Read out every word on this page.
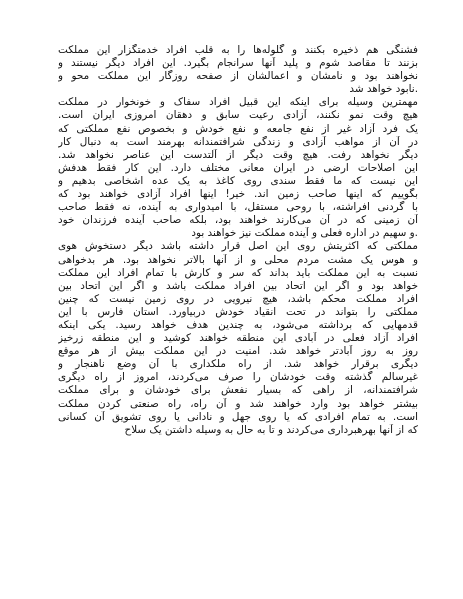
فشنگی هم ذخیره بکنند و گلوله‌ها را به قلب افراد خدمتگزار این مملکت
بزنند تا مقاصد شوم و پلید آنها سرانجام بگیرد. این افراد دیگر نیستند و
نخواهند بود و نامشان و اعمالشان از صفحه روزگار این مملکت محو و
.نابود خواهد شد
مهمترین وسیله برای اینکه این قبیل افراد سفاک و خونخوار در مملکت
هیچ وقت نمو نکنند، آزادی رعیت سابق و دهقان امروزی ایران است.
یک فرد آزاد غیر از نفع جامعه و نفع خودش و بخصوص نفع مملکتی که
در آن از مواهب آزادی و زندگی شرافتمندانه بهرمند است به دنبال کار
دیگر نخواهد رفت. هیچ وقت دیگر از آلتدست این عناصر نخواهد شد.
این اصلاحات ارضی در ایران معانی مختلف دارد. این کار فقط هدفش
این نیست که ما فقط سندی روی کاغذ به یک عده اشخاصی بدهیم و
بگوییم که اینها صاحب زمین اند. خیر! اینها افراد آزادی خواهند بود که
با گردنی افراشته، با روحی مستقل، با امیدواری به آینده، نه فقط صاحب
آن زمینی که در آن می‌کارند خواهند بود، بلکه صاحب آینده فرزندان خود
.و سهیم در اداره فعلی و آینده مملکت نیز خواهند بود
مملکتی که اکثریتش روی این اصل قرار داشته باشد دیگر دستخوش هوی
و هوس یک مشت مردم محلی و از آنها بالاتر نخواهد بود. هر بدخواهی
نسبت به این مملکت باید بداند که سر و کارش با تمام افراد این مملکت
خواهد بود و اگر این اتحاد بین افراد مملکت باشد و اگر این اتحاد بین
افراد مملکت محکم باشد، هیچ نیرویی در روی زمین نیست که چنین
مملکتی را بتواند در تحت انقیاد خودش دربیاورد. استان فارس با این
قدمهایی که برداشته می‌شود، به چندین هدف خواهد رسید. یکی اینکه
افراد آزاد فعلی در آبادی این منطقه خواهند کوشید و این منطقه زرخیز
روز به روز آبادتر خواهد شد. امنیت در این مملکت بیش از هر موقع
دیگری برقرار خواهد شد. از راه ملکداری با آن وضع ناهنجار و
غیرسالم گذشته وقت خودشان را صرف می‌کردند، امروز از راه دیگری
شرافتمندانه، از راهی که بسیار نفعش برای خودشان و برای مملکت
بیشتر خواهد بود وارد خواهند شد و آن راه، راه صنعتی کردن مملکت
است. به تمام افرادی که یا روی جهل و نادانی یا روی تشویق آن کسانی
که از آنها بهرهبرداری می‌کردند و تا به حال به وسیله داشتن یک سلاح
